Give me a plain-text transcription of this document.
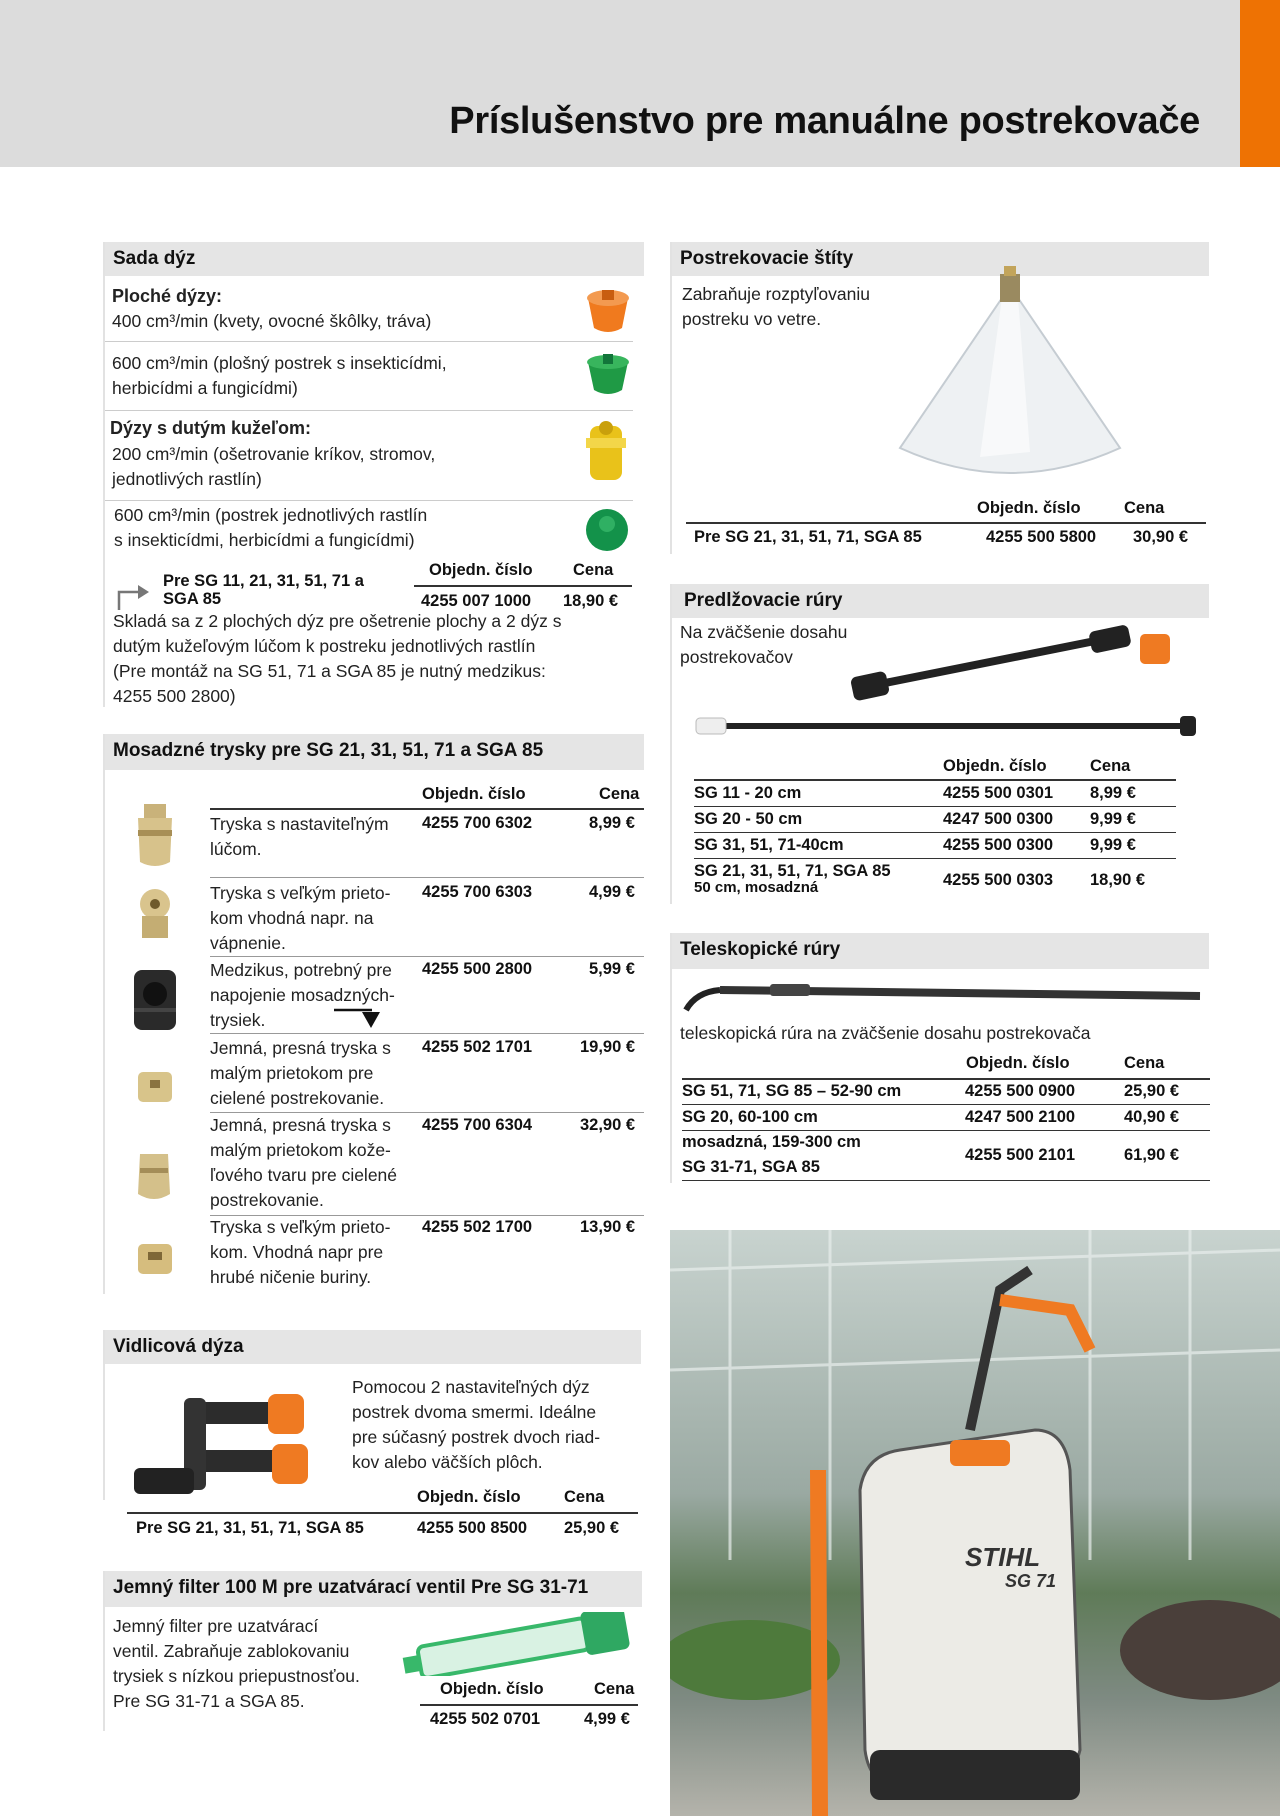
Príslušenstvo pre manuálne postrekovače
Sada dýz
Ploché dýzy:
400 cm³/min (kvety, ovocné škôlky, tráva)
600 cm³/min (plošný postrek s insekticídmi,
herbicídmi a fungicídmi)
Dýzy s dutým kužeľom:
200 cm³/min (ošetrovanie kríkov, stromov,
jednotlivých rastlín)
600 cm³/min (postrek jednotlivých rastlín
s insekticídmi, herbicídmi a fungicídmi)
Objedn. číslo Cena
Pre SG 11, 21, 31, 51, 71 a
SGA 85	4255 007 1000 18,90 €
Skladá sa z 2 plochých dýz pre ošetrenie plochy a 2 dýz s
dutým kužeľovým lúčom k postreku jednotlivých rastlín
(Pre montáž na SG 51, 71 a SGA 85 je nutný medzikus:
4255 500 2800)
Mosadzné trysky pre SG 21, 31, 51, 71 a SGA 85
Objedn. číslo	Cena
Tryska s nastaviteľným
lúčom.
4255 700 6302	8,99 €
Tryska s veľkým prieto-
kom vhodná napr. na
vápnenie.
4255 700 6303	4,99 €
Medzikus, potrebný pre
napojenie mosadzných-
trysiek.
4255 500 2800	5,99 €
Jemná, presná tryska s
malým prietokom pre
cielené postrekovanie.
4255 502 1701	19,90 €
Jemná, presná tryska s
malým prietokom kože-
ľového tvaru pre cielené
postrekovanie.
4255 700 6304	32,90 €
Tryska s veľkým prieto-
kom. Vhodná napr pre
hrubé ničenie buriny.
4255 502 1700	13,90 €
Vidlicová dýza
Pomocou 2 nastaviteľných dýz
postrek dvoma smermi. Ideálne
pre súčasný postrek dvoch riad-
kov alebo väčších plôch.
Objedn. číslo	Cena
Pre SG 21, 31, 51, 71, SGA 85	4255 500 8500 25,90 €
Jemný filter 100 M pre uzatvárací ventil Pre SG 31-71
Jemný filter pre uzatvárací
ventil. Zabraňuje zablokovaniu
trysiek s nízkou priepustnosťou.
Pre SG 31-71 a SGA 85.
Objedn. číslo	Cena
4255 502 0701	4,99 €
Postrekovacie štíty
Zabraňuje rozptyľovaniu
postreku vo vetre.
Objedn. číslo	Cena
Pre SG 21, 31, 51, 71, SGA 85	4255 500 5800 30,90 €
Predlžovacie rúry
Na zväčšenie dosahu
postrekovačov
Objedn. číslo	Cena
SG 11 - 20 cm	4255 500 0301 8,99 €
SG 20 - 50 cm	4247 500 0300 9,99 €
SG 31, 51, 71-40cm	4255 500 0300 9,99 €
SG 21, 31, 51, 71, SGA 85
50 cm, mosadzná	4255 500 0303 18,90 €
Teleskopické rúry
teleskopická rúra na zväčšenie dosahu postrekovača
Objedn. číslo	Cena
SG 51, 71, SG 85 – 52-90 cm	4255 500 0900	25,90 €
SG 20, 60-100 cm	4247 500 2100	40,90 €
mosadzná, 159-300 cm
SG 31-71, SGA 85
4255 500 2101	61,90 €
STIHL
SG 71
